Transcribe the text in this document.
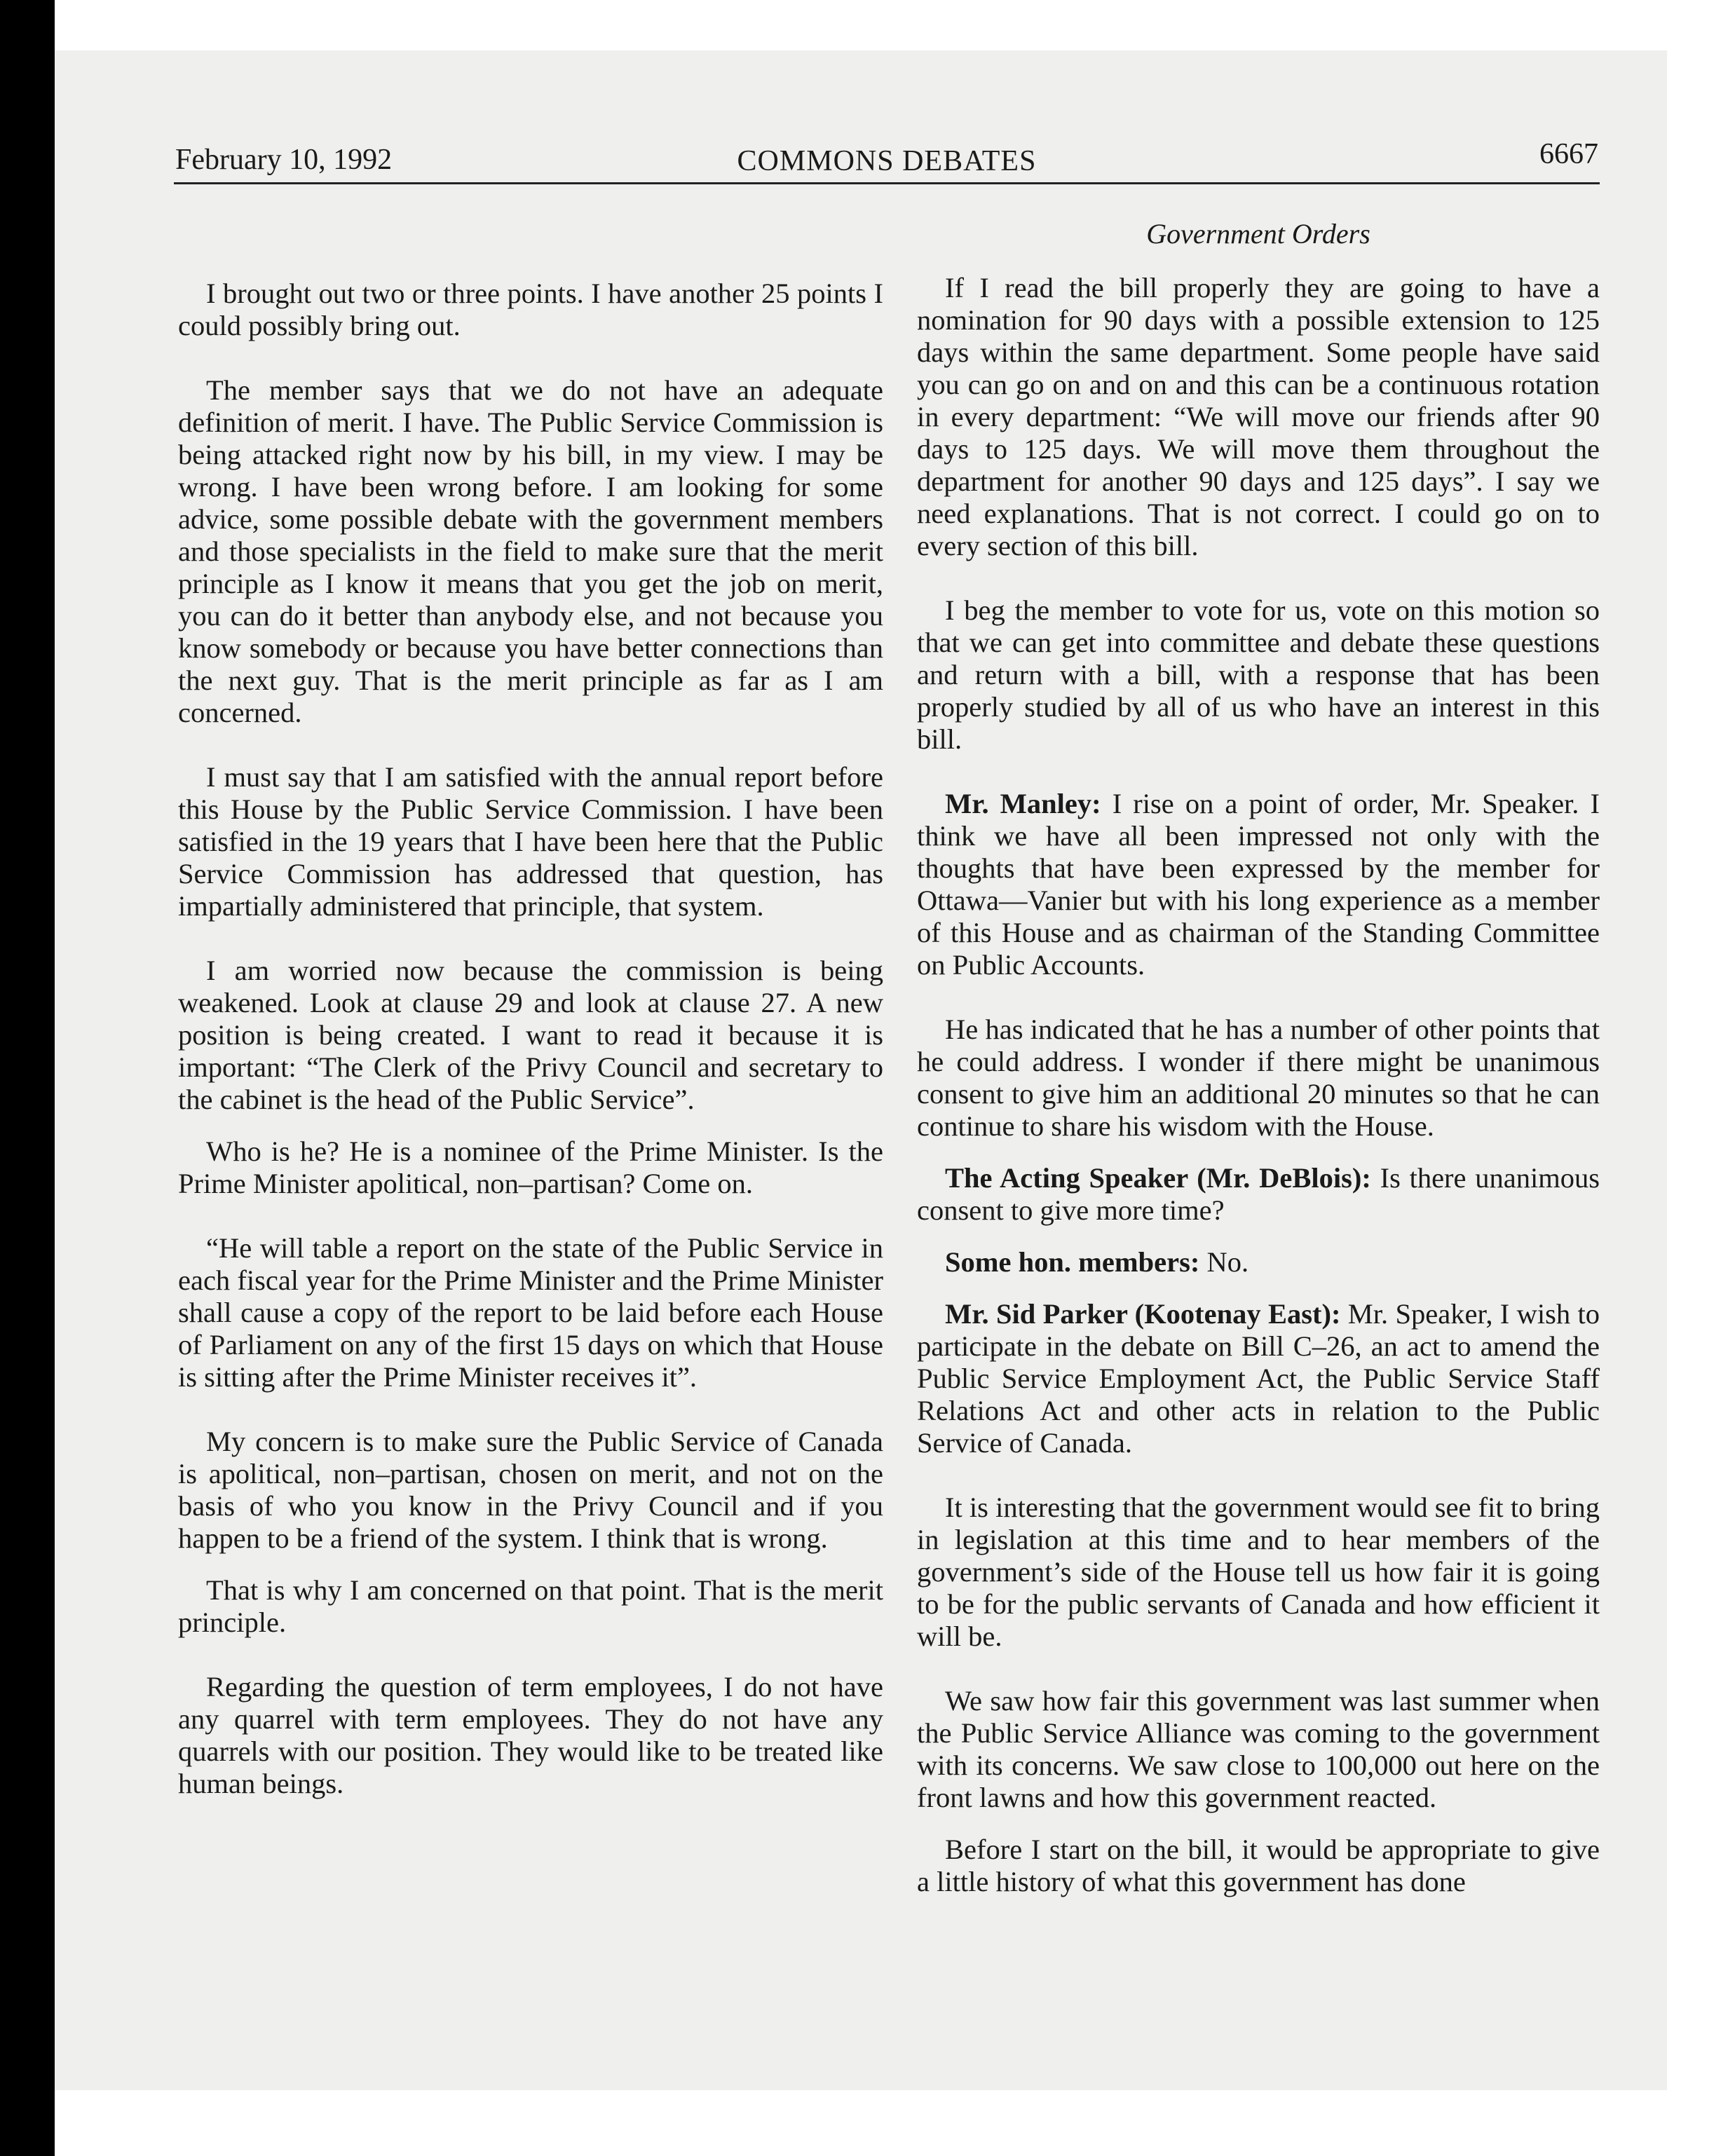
February 10, 1992	COMMONS DEBATES	6667
Government Orders

I brought out two or three points. I have another 25 points I could possibly bring out.

The member says that we do not have an adequate definition of merit. I have. The Public Service Commission is being attacked right now by his bill, in my view. I may be wrong. I have been wrong before. I am looking for some advice, some possible debate with the government members and those specialists in the field to make sure that the merit principle as I know it means that you get the job on merit, you can do it better than anybody else, and not because you know somebody or because you have better connections than the next guy. That is the merit principle as far as I am concerned.

I must say that I am satisfied with the annual report before this House by the Public Service Commission. I have been satisfied in the 19 years that I have been here that the Public Service Commission has addressed that question, has impartially administered that principle, that system.

I am worried now because the commission is being weakened. Look at clause 29 and look at clause 27. A new position is being created. I want to read it because it is important: “The Clerk of the Privy Council and secretary to the cabinet is the head of the Public Service”.

Who is he? He is a nominee of the Prime Minister. Is the Prime Minister apolitical, non–partisan? Come on.

“He will table a report on the state of the Public Service in each fiscal year for the Prime Minister and the Prime Minister shall cause a copy of the report to be laid before each House of Parliament on any of the first 15 days on which that House is sitting after the Prime Minister receives it”.

My concern is to make sure the Public Service of Canada is apolitical, non–partisan, chosen on merit, and not on the basis of who you know in the Privy Council and if you happen to be a friend of the system. I think that is wrong.

That is why I am concerned on that point. That is the merit principle.

Regarding the question of term employees, I do not have any quarrel with term employees. They do not have any quarrels with our position. They would like to be treated like human beings.

If I read the bill properly they are going to have a nomination for 90 days with a possible extension to 125 days within the same department. Some people have said you can go on and on and this can be a continuous rotation in every department: “We will move our friends after 90 days to 125 days. We will move them throughout the department for another 90 days and 125 days”. I say we need explanations. That is not correct. I could go on to every section of this bill.

I beg the member to vote for us, vote on this motion so that we can get into committee and debate these questions and return with a bill, with a response that has been properly studied by all of us who have an interest in this bill.

Mr. Manley: I rise on a point of order, Mr. Speaker. I think we have all been impressed not only with the thoughts that have been expressed by the member for Ottawa—Vanier but with his long experience as a member of this House and as chairman of the Standing Committee on Public Accounts.

He has indicated that he has a number of other points that he could address. I wonder if there might be unanimous consent to give him an additional 20 minutes so that he can continue to share his wisdom with the House.

The Acting Speaker (Mr. DeBlois): Is there unanimous consent to give more time?

Some hon. members: No.

Mr. Sid Parker (Kootenay East): Mr. Speaker, I wish to participate in the debate on Bill C–26, an act to amend the Public Service Employment Act, the Public Service Staff Relations Act and other acts in relation to the Public Service of Canada.

It is interesting that the government would see fit to bring in legislation at this time and to hear members of the government’s side of the House tell us how fair it is going to be for the public servants of Canada and how efficient it will be.

We saw how fair this government was last summer when the Public Service Alliance was coming to the government with its concerns. We saw close to 100,000 out here on the front lawns and how this government reacted.

Before I start on the bill, it would be appropriate to give a little history of what this government has done
